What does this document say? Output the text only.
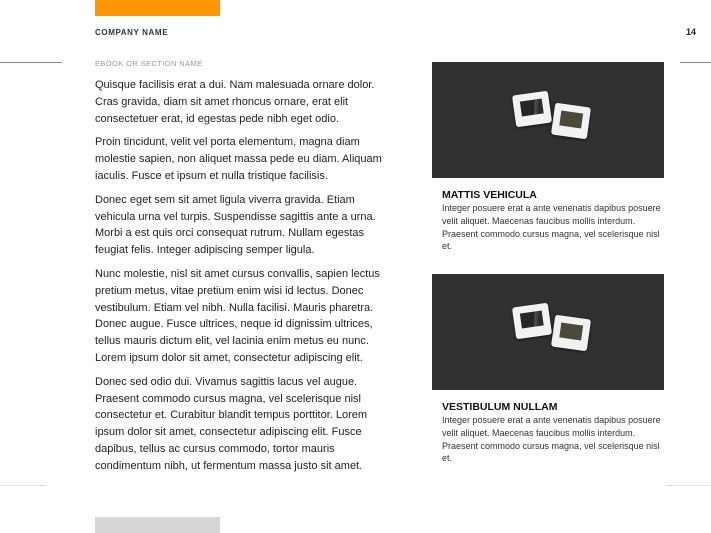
COMPANY NAME	14
EBOOK OR SECTION NAME

Quisque facilisis erat a dui. Nam malesuada ornare dolor. Cras gravida, diam sit amet rhoncus ornare, erat elit consectetuer erat, id egestas pede nibh eget odio.

Proin tincidunt, velit vel porta elementum, magna diam molestie sapien, non aliquet massa pede eu diam. Aliquam iaculis. Fusce et ipsum et nulla tristique facilisis.

Donec eget sem sit amet ligula viverra gravida. Etiam vehicula urna vel turpis. Suspendisse sagittis ante a urna. Morbi a est quis orci consequat rutrum. Nullam egestas feugiat felis. Integer adipiscing semper ligula.

Nunc molestie, nisl sit amet cursus convallis, sapien lectus pretium metus, vitae pretium enim wisi id lectus. Donec vestibulum. Etiam vel nibh. Nulla facilisi. Mauris pharetra. Donec augue. Fusce ultrices, neque id dignissim ultrices, tellus mauris dictum elit, vel lacinia enim metus eu nunc. Lorem ipsum dolor sit amet, consectetur adipiscing elit.

Donec sed odio dui. Vivamus sagittis lacus vel augue. Praesent commodo cursus magna, vel scelerisque nisl consectetur et. Curabitur blandit tempus porttitor. Lorem ipsum dolor sit amet, consectetur adipiscing elit. Fusce dapibus, tellus ac cursus commodo, tortor mauris condimentum nibh, ut fermentum massa justo sit amet.

MATTIS VEHICULA
Integer posuere erat a ante venenatis dapibus posuere velit aliquet. Maecenas faucibus mollis interdum. Praesent commodo cursus magna, vel scelerisque nisl et.
VESTIBULUM NULLAM
Integer posuere erat a ante venenatis dapibus posuere velit aliquet. Maecenas faucibus mollis interdum. Praesent commodo cursus magna, vel scelerisque nisl et.
